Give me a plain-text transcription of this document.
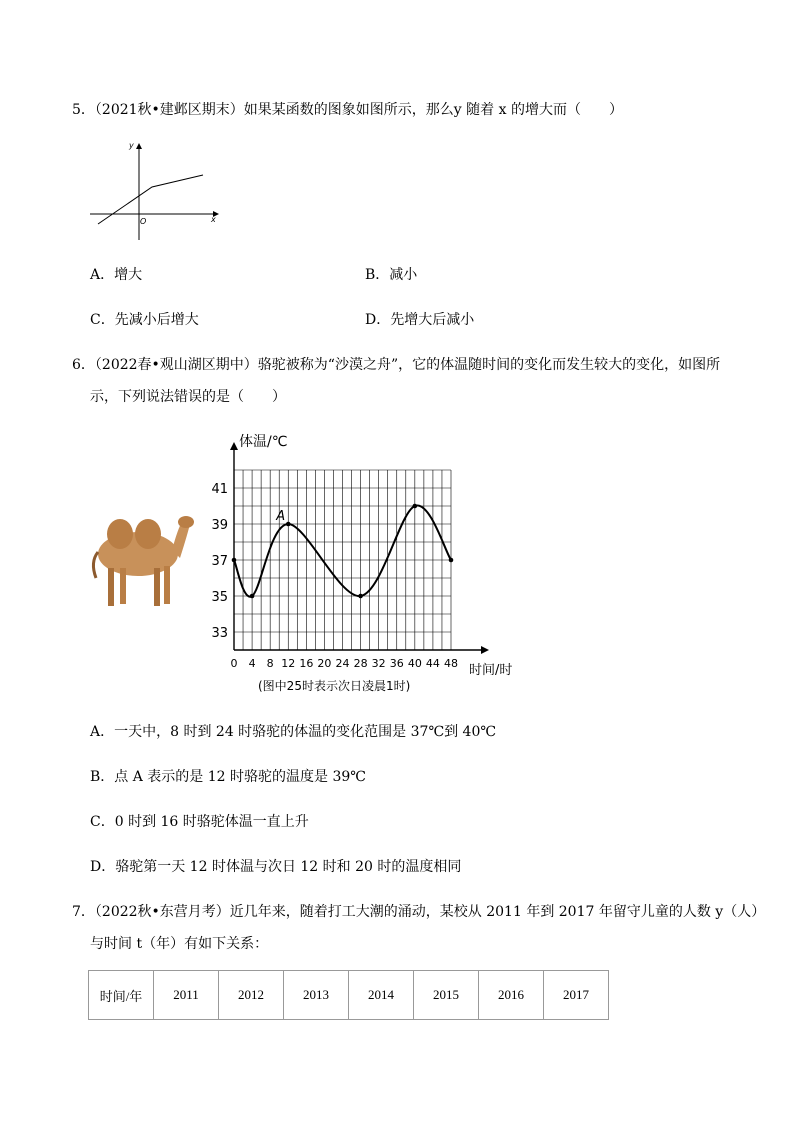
5．（2021秋•建邺区期末）如果某函数的图象如图所示，那么y 随着 x 的增大而（　　）
y
x
O
A．增大	B．减小
C．先减小后增大	D．先增大后减小
6．（2022春•观山湖区期中）骆驼被称为“沙漠之舟”，它的体温随时间的变化而发生较大的变化，如图所
示，下列说法错误的是（　　）
体温/℃
时间/时
0 4 8 12 16 20 24 28 32 36 40 44 48
33
35
37
39
41
(图中25时表示次日凌晨1时)
A
A．一天中，8 时到 24 时骆驼的体温的变化范围是 37℃到 40℃
B．点 A 表示的是 12 时骆驼的温度是 39℃
C．0 时到 16 时骆驼体温一直上升
D．骆驼第一天 12 时体温与次日 12 时和 20 时的温度相同
7．（2022秋•东营月考）近几年来，随着打工大潮的涌动，某校从 2011 年到 2017 年留守儿童的人数 y（人）
与时间 t（年）有如下关系：
时间/年	2011	2012	2013	2014	2015	2016	2017
